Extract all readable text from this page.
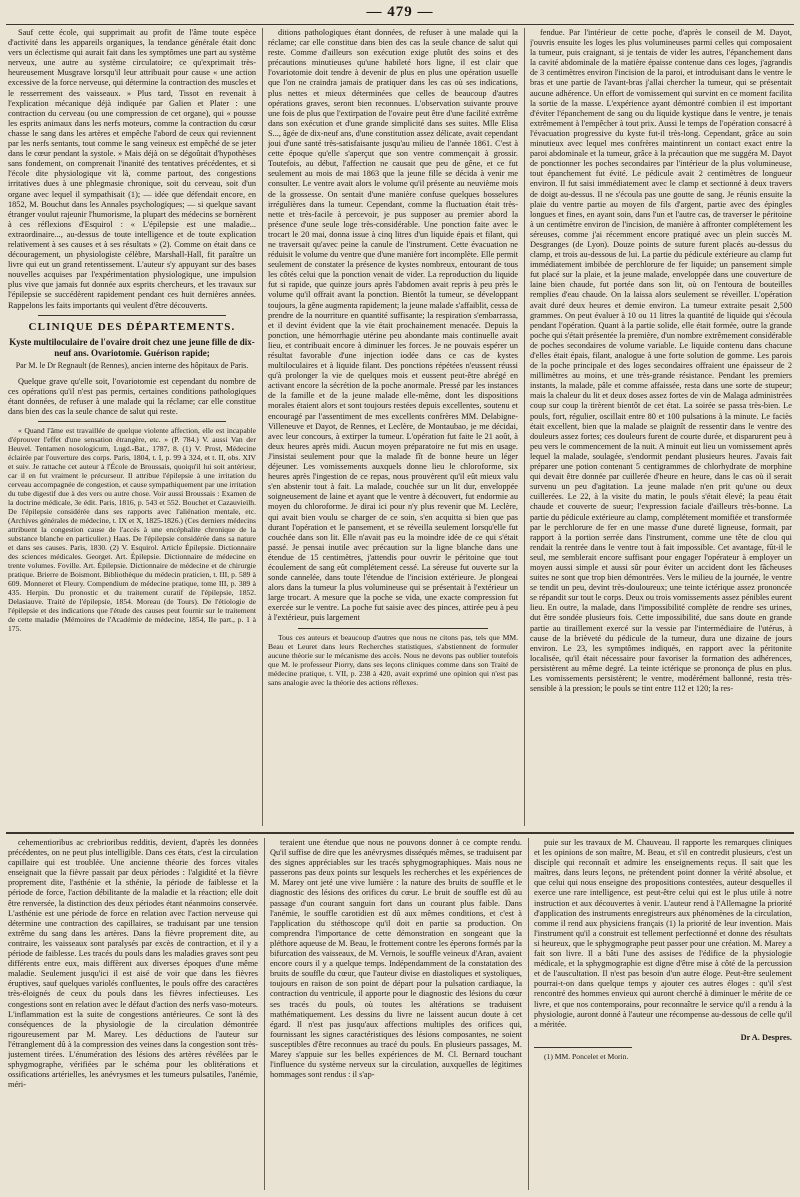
— 479 —

Sauf cette école, qui supprimait au profit de l'âme toute espèce d'activité dans les appareils organiques, la tendance générale était donc vers un éclectisme qui aurait fait dans les symptômes une part au système nerveux, une autre au système circulatoire; ce qu'exprimait très-heureusement Musgrave lorsqu'il leur attribuait pour cause « une action excessive de la force nerveuse, qui détermine la contraction des muscles et le resserrement des vaisseaux. » Plus tard, Tissot en revenait à l'explication mécanique déjà indiquée par Galien et Plater : une contraction du cerveau (ou une compression de cet organe), qui « pousse les esprits animaux dans les nerfs moteurs, comme la contraction du cœur chasse le sang dans les artères et empêche l'abord de ceux qui reviennent par les nerfs sentants, tout comme le sang veineux est empêché de se jeter dans le cœur pendant la systole. » Mais déjà on se dégoûtait d'hypothèses sans fondement, on comprenait l'inanité des tentatives précédentes, et si l'école dite physiologique vit là, comme partout, des congestions irritatives dues à une phlegmasie chronique, soit du cerveau, soit d'un organe avec lequel il sympathisait (1); — idée que défendait encore, en 1852, M. Bouchut dans les Annales psychologiques; — si quelque savant étranger voulut rajeunir l'humorisme, la plupart des médecins se bornèrent à ces réflexions d'Esquirol : « L'épilepsie est une maladie... extraordinaire..., au-dessus de toute intelligence et de toute explication relativement à ses causes et à ses résultats » (2). Comme on était dans ce découragement, un physiologiste célèbre, Marshall-Hall, fit paraître un livre qui eut un grand retentissement. L'auteur s'y appuyant sur des bases nouvelles acquises par l'expérimentation physiologique, une impulsion plus vive que jamais fut donnée aux esprits chercheurs, et les travaux sur l'épilepsie se succédèrent rapidement pendant ces huit dernières années. Rappelons les faits importants qui veulent d'être découverts.

CLINIQUE DES DÉPARTEMENTS.
Kyste multiloculaire de l'ovaire droit chez une jeune fille de dix-neuf ans. Ovariotomie. Guérison rapide;
Par M. le Dr Regnault (de Rennes), ancien interne des hôpitaux de Paris.

Quelque grave qu'elle soit, l'ovariotomie est cependant du nombre de ces opérations qu'il n'est pas permis, certaines conditions pathologiques étant données, de refuser à une malade qui la réclame; car elle constitue dans bien des cas la seule chance de salut qui reste.

« Quand l'âme est travaillée de quelque violente affection, elle est incapable d'éprouver l'effet d'une sensation étrangère, etc. » (P. 784.) V. aussi Van der Heuvel. Tentamen nosologicum, Lugd.-Bat., 1787, 8. (1) V. Prost, Médecine éclairée par l'ouverture des corps. Paris, 1804, t. I, p. 99 à 324, et t. II, obs. XIV et suiv. Je rattache cet auteur à l'École de Broussais, quoiqu'il lui soit antérieur, car il en fut vraiment le précurseur. Il attribue l'épilepsie à une irritation du cerveau accompagnée de congestion, et cause sympathiquement par une irritation du tube digestif due à des vers ou autre chose. Voir aussi Broussais : Examen de la doctrine médicale, 3e édit. Paris, 1816, p. 543 et 552. Bouchet et Cazauvieilh. De l'épilepsie considérée dans ses rapports avec l'aliénation mentale, etc. (Archives générales de médecine, t. IX et X, 1825-1826.) (Ces derniers médecins attribuent la congestion cause de l'accès à une encéphalite chronique de la substance blanche en particulier.) Haas. De l'épilepsie considérée dans sa nature et dans ses causes. Paris, 1830. (2) V. Esquirol. Article Épilepsie. Dictionnaire des sciences médicales. Georget. Art. Épilepsie. Dictionnaire de médecine en trente volumes. Foville. Art. Épilepsie. Dictionnaire de médecine et de chirurgie pratique. Brierre de Boismont. Bibliothèque du médecin praticien, t. III, p. 589 à 609. Monneret et Fleury. Compendium de médecine pratique, tome III, p. 389 à 435. Herpin. Du pronostic et du traitement curatif de l'épilepsie, 1852. Delasiauve. Traité de l'épilepsie, 1854. Moreau (de Tours). De l'étiologie de l'épilepsie et des indications que l'étude des causes peut fournir sur le traitement de cette maladie (Mémoires de l'Académie de médecine, 1854, IIe part., p. 1 à 175.

ditions pathologiques étant données, de refuser à une malade qui la réclame; car elle constitue dans bien des cas la seule chance de salut qui reste. Comme d'ailleurs son exécution exige plutôt des soins et des précautions minutieuses qu'une habileté hors ligne, il est clair que l'ovariotomie doit tendre à devenir de plus en plus une opération usuelle que l'on ne craindra jamais de pratiquer dans les cas où ses indications, plus nettes et mieux déterminées que celles de beaucoup d'autres opérations graves, seront bien reconnues. L'observation suivante prouve une fois de plus que l'extirpation de l'ovaire peut être d'une facilité extrême dans son exécution et d'une grande simplicité dans ses suites. Mlle Elisa S..., âgée de dix-neuf ans, d'une constitution assez délicate, avait cependant joui d'une santé très-satisfaisante jusqu'au milieu de l'année 1861. C'est à cette époque qu'elle s'aperçut que son ventre commençait à grossir. Toutefois, au début, l'affection ne causait que peu de gêne, et ce fut seulement au mois de mai 1863 que la jeune fille se décida à venir me consulter. Le ventre avait alors le volume qu'il présente au neuvième mois de la grossesse. On sentait d'une manière confuse quelques bosselures irrégulières dans la tumeur. Cependant, comme la fluctuation était très-nette et très-facile à percevoir, je pus supposer au premier abord la présence d'une seule loge très-considérable. Une ponction faite avec le trocart le 20 mai, donna issue à cinq litres d'un liquide épais et filant, qui ne traversait qu'avec peine la canule de l'instrument. Cette évacuation ne réduisit le volume du ventre que d'une manière fort incomplète. Elle permit seulement de constater la présence de kystes nombreux, entourant de tous les côtés celui que la ponction venait de vider. La reproduction du liquide fut si rapide, que quinze jours après l'abdomen avait repris à peu près le volume qu'il offrait avant la ponction. Bientôt la tumeur, se développant toujours, la gêne augmenta rapidement; la jeune malade s'affaiblit, cessa de prendre de la nourriture en quantité suffisante; la respiration s'embarrassa, et il devint évident que la vie était prochainement menacée. Depuis la ponction, une hémorrhagie utérine peu abondante mais continuelle avait lieu, et contribuait encore à diminuer les forces. Je ne pouvais espérer un résultat favorable d'une injection iodée dans ce cas de kystes multiloculaires et à liquide filant. Des ponctions répétées n'eussent réussi qu'à prolonger la vie de quelques mois et eussent peut-être abrégé en activant encore la sécrétion de la poche anormale. Pressé par les instances de la famille et de la jeune malade elle-même, dont les dispositions morales étaient alors et sont toujours restées depuis excellentes, soutenu et encouragé par l'assentiment de mes excellents confrères MM. Delabigne-Villeneuve et Dayot, de Rennes, et Leclère, de Montaubao, je me décidai, avec leur concours, à extirper la tumeur. L'opération fut faite le 21 août, à deux heures après midi. Aucun moyen préparatoire ne fut mis en usage. J'insistai seulement pour que la malade fît de bonne heure un léger déjeuner. Les vomissements auxquels donne lieu le chloroforme, six heures après l'ingestion de ce repas, nous prouvèrent qu'il eût mieux valu s'en abstenir tout à fait. La malade, couchée sur un lit dur, enveloppée soigneusement de laine et ayant que le ventre à découvert, fut endormie au moyen du chloroforme. Je dirai ici pour n'y plus revenir que M. Leclère, qui avait bien voulu se charger de ce soin, s'en acquitta si bien que pas durant l'opération et le pansement, et se réveilla seulement lorsqu'elle fut couchée dans son lit. Elle n'avait pas eu la moindre idée de ce qui s'était passé. Je pensai inutile avec précaution sur la ligne blanche dans une étendue de 15 centimètres, j'attendis pour ouvrir le péritoine que tout écoulement de sang eût complétement cessé. La séreuse fut ouverte sur la sonde cannelée, dans toute l'étendue de l'incision extérieure. Je plongeai alors dans la tumeur la plus volumineuse qui se présentait à l'extérieur un large trocart. A mesure que la poche se vida, une exacte compression fut exercée sur le ventre. La poche fut saisie avec des pinces, attirée peu à peu à l'extérieur, puis largement

Tous ces auteurs et beaucoup d'autres que nous ne citons pas, tels que MM. Beau et Leuret dans leurs Recherches statistiques, s'abstiennent de formuler aucune théorie sur le mécanisme des accès. Nous ne devons pas oublier toutefois que M. le professeur Piorry, dans ses leçons cliniques comme dans son Traité de médecine pratique, t. VII, p. 238 à 420, avait exprimé une opinion qui n'est pas sans analogie avec la théorie des actions réflexes.

fendue. Par l'intérieur de cette poche, d'après le conseil de M. Dayot, j'ouvris ensuite les loges les plus volumineuses parmi celles qui composaient la tumeur, puis craignant, si je tentais de vider les autres, l'épanchement dans la cavité abdominale de la matière épaisse contenue dans ces loges, j'agrandis de 3 centimètres environ l'incision de la paroi, et introduisant dans le ventre le bras et une partie de l'avant-bras j'allai chercher la tumeur, qui se présentait aucune adhérence. Un effort de vomissement qui survint en ce moment facilita la sortie de la masse. L'expérience ayant démontré combien il est important d'éviter l'épanchement de sang ou du liquide kystique dans le ventre, je tenais extrêmement à l'empêcher à tout prix. Aussi le temps de l'opération consacré à l'évacuation progressive du kyste fut-il très-long. Cependant, grâce au soin minutieux avec lequel mes confrères maintinrent un contact exact entre la paroi abdominale et la tumeur, grâce à la précaution que me suggéra M. Dayot de ponctionner les poches secondaires par l'intérieur de la plus volumineuse, tout épanchement fut évité. Le pédicule avait 2 centimètres de longueur environ. Il fut saisi immédiatement avec le clamp et sectionné à deux travers de doigt au-dessus. Il ne s'écoula pas une goutte de sang. Je réunis ensuite la plaie du ventre partie au moyen de fils d'argent, partie avec des épingles longues et fines, en ayant soin, dans l'un et l'autre cas, de traverser le péritoine à un centimètre environ de l'incision, de manière à affronter complétement les séreuses, comme j'ai récemment encore pratiqué avec un plein succès M. Desgranges (de Lyon). Douze points de suture furent placés au-dessus du clamp, et trois au-dessous de lui. La partie du pédicule extérieure au clamp fut immédiatement imbibée de perchlorure de fer liquide; un pansement simple fut placé sur la plaie, et la jeune malade, enveloppée dans une couverture de laine bien chaude, fut portée dans son lit, où on l'entoura de bouteilles remplies d'eau chaude. On la laissa alors seulement se réveiller. L'opération avait duré deux heures et demie environ. La tumeur extraite pesait 2,500 grammes. On peut évaluer à 10 ou 11 litres la quantité de liquide qui s'écoula pendant l'opération. Quant à la partie solide, elle était formée, outre la grande poche qui s'était présentée la première, d'un nombre extrêmement considérable de poches secondaires de volume variable. Le liquide contenu dans chacune d'elles était épais, filant, analogue à une forte solution de gomme. Les parois de la poche principale et des loges secondaires offraient une épaisseur de 2 millimètres au moins, et une très-grande résistance. Pendant les premiers instants, la malade, pâle et comme affaissée, resta dans une sorte de stupeur; mais la chaleur du lit et deux doses assez fortes de vin de Malaga administrées coup sur coup la tirèrent bientôt de cet état. La soirée se passa très-bien. Le pouls, fort, régulier, oscillait entre 80 et 100 pulsations à la minute. Le faciès était excellent, bien que la malade se plaignît de ressentir dans le ventre des douleurs assez fortes; ces douleurs furent de courte durée, et disparurent peu à peu vers le commencement de la nuit. A minuit eut lieu un vomissement après lequel la malade, soulagée, s'endormit pendant plusieurs heures. J'avais fait préparer une potion contenant 5 centigrammes de chlorhydrate de morphine qui devait être donnée par cuillerée d'heure en heure, dans le cas où il serait survenu un peu d'agitation. La jeune malade n'en prit qu'une ou deux cuillerées. Le 22, à la visite du matin, le pouls s'était élevé; la peau était chaude et couverte de sueur; l'expression faciale d'ailleurs très-bonne. La partie du pédicule extérieure au clamp, complétement momifiée et transformée par le perchlorure de fer en une masse d'une dureté ligneuse, formait, par rapport à la portion serrée dans l'instrument, comme une tête de clou qui rendait la rentrée dans le ventre tout à fait impossible. Cet avantage, fût-il le seul, me semblerait encore suffisant pour engager l'opérateur à employer un moyen aussi simple et aussi sûr pour éviter un accident dont les fâcheuses suites ne sont que trop bien démontrées. Vers le milieu de la journée, le ventre se tendit un peu, devint très-douloureux; une teinte ictérique assez prononcée se répandit sur tout le corps. Deux ou trois vomissements assez pénibles eurent lieu. En outre, la malade, dans l'impossibilité complète de rendre ses urines, dut être sondée plusieurs fois. Cette impossibilité, due sans doute en grande partie au tiraillement exercé sur la vessie par l'intermédiaire de l'utérus, à cause de la brièveté du pédicule de la tumeur, dura une dizaine de jours environ. Le 23, les symptômes indiqués, en rapport avec la péritonite localisée, qu'il était nécessaire pour favoriser la formation des adhérences, persistèrent au même degré. La teinte ictérique se prononça de plus en plus. Les vomissements persistèrent; le ventre, modérément ballonné, resta très-sensible à la pression; le pouls se tint entre 112 et 120; la res-

cehementioribus ac crebrioribus redditis, devient, d'après les données précédentes, on ne peut plus intelligible. Dans ces états, c'est la circulation capillaire qui est troublée. Une ancienne théorie des forces vitales enseignait que la fièvre passait par deux périodes : l'algidité et la fièvre proprement dite, l'asthénie et la sthénie, la période de faiblesse et la période de force, l'action débilitante de la maladie et la réaction; elle doit être renversée, la distinction des deux périodes étant néanmoins conservée. L'asthénie est une période de force en relation avec l'action nerveuse qui détermine une contraction des capillaires, se traduisant par une tension extrême du sang dans les artères. Dans la fièvre proprement dite, au contraire, les vaisseaux sont paralysés par excès de contraction, et il y a période de faiblesse. Les tracés du pouls dans les maladies graves sont peu différents entre eux, mais diffèrent aux diverses époques d'une même maladie. Seulement jusqu'ici il est aisé de voir que dans les fièvres éruptives, sauf quelques variolés confluentes, le pouls offre des caractères très-éloignés de ceux du pouls dans les fièvres infectieuses. Les congestions sont en relation avec le défaut d'action des nerfs vaso-moteurs. L'inflammation est la suite de congestions antérieures. Ce sont là des conséquences de la physiologie de la circulation démontrée rigoureusement par M. Marey. Les déductions de l'auteur sur l'étranglement dû à la compression des veines dans la congestion sont très-justement tirées. L'énumération des lésions des artères révélées par le sphygmographe, vérifiées par le schéma pour les oblitérations et ossifications artérielles, les anévrysmes et les tumeurs pulsatiles, l'anémie, méri-

teraient une étendue que nous ne pouvons donner à ce compte rendu. Qu'il suffise de dire que les anévrysmes disséqués mêmes, se traduisent par des signes appréciables sur les tracés sphygmographiques. Mais nous ne passerons pas deux points sur lesquels les recherches et les expériences de M. Marey ont jeté une vive lumière : la nature des bruits de souffle et le diagnostic des lésions des orifices du cœur. Le bruit de souffle est dû au passage d'un courant sanguin fort dans un courant plus faible. Dans l'anémie, le souffle carotidien est dû aux mêmes conditions, et c'est à l'application du stéthoscope qu'il doit en partie sa production. On comprendra l'importance de cette démonstration en songeant que la pléthore aqueuse de M. Beau, le frottement contre les éperons formés par la bifurcation des vaisseaux, de M. Vernois, le souffle veineux d'Aran, avaient encore cours il y a quelque temps. Indépendamment de la constatation des bruits de souffle du cœur, que l'auteur divise en diastoliques et systoliques, toujours en raison de son point de départ pour la pulsation cardiaque, la contraction du ventricule, il apporte pour le diagnostic des lésions du cœur ses tracés du pouls, où toutes les altérations se traduisent mathématiquement. Les dessins du livre ne laissent aucun doute à cet égard. Il n'est pas jusqu'aux affections multiples des orifices qui, fournissant les signes caractéristiques des lésions composantes, ne soient susceptibles d'être reconnues au tracé du pouls. En plusieurs passages, M. Marey s'appuie sur les belles expériences de M. Cl. Bernard touchant l'influence du système nerveux sur la circulation, auxquelles de légitimes hommages sont rendus : il s'ap-

puie sur les travaux de M. Chauveau. Il rapporte les remarques cliniques et les opinions de son maître, M. Beau, et s'il en contredit plusieurs, c'est un disciple qui reconnaît et admire les enseignements reçus. Il sait que les maîtres, dans leurs leçons, ne prétendent point donner la vérité absolue, et que celui qui nous enseigne des propositions contestées, auteur desquelles il exerce une rare intelligence, est peut-être celui qui est le plus utile à notre instruction et aux découvertes à venir. L'auteur rend à l'Allemagne la priorité d'application des instruments enregistreurs aux phénomènes de la circulation, comme il rend aux physiciens français (1) la priorité de leur invention. Mais l'instrument qu'il a construit est tellement perfectionné et donne des résultats si heureux, que le sphygmographe peut passer pour une création. M. Marey a fait son livre. Il a bâti l'une des assises de l'édifice de la physiologie médicale, et la sphygmographie est digne d'être mise à côté de la percussion et de l'auscultation. Il n'est pas besoin d'un autre éloge. Peut-être seulement pourrai-t-on dans quelque temps y ajouter ces autres éloges : qu'il s'est rencontré des hommes envieux qui auront cherché à diminuer le mérite de ce livre, et que nos contemporains, pour reconnaître le service qu'il a rendu à la physiologie, auront donné à l'auteur une récompense au-dessous de celle qu'il a méritée.

Dr A. Despres.

(1) MM. Poncelet et Morin.
